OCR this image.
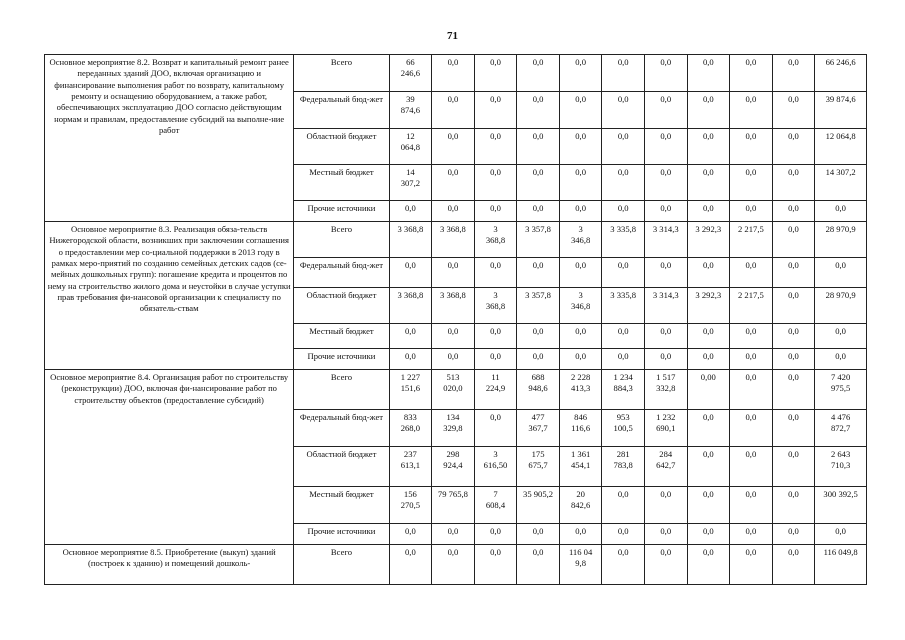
71
Основное мероприятие 8.2. Возврат и капитальный ремонт ранее переданных зданий ДОО, включая организацию и финансирование выполнения работ по возврату, капитальному ремонту и оснащению оборудованием, а также работ, обеспечивающих эксплуатацию ДОО согласно действующим нормам и правилам, предоставление субсидий на выполне-ние работ	Всего	66
246,6	0,0	0,0	0,0	0,0	0,0	0,0	0,0	0,0	0,0	66 246,6
	Федеральный бюд-жет	39
874,6	0,0	0,0	0,0	0,0	0,0	0,0	0,0	0,0	0,0	39 874,6
	Областной бюджет	12
064,8	0,0	0,0	0,0	0,0	0,0	0,0	0,0	0,0	0,0	12 064,8
	Местный бюджет	14
307,2	0,0	0,0	0,0	0,0	0,0	0,0	0,0	0,0	0,0	14 307,2
	Прочие источники	0,0	0,0	0,0	0,0	0,0	0,0	0,0	0,0	0,0	0,0	0,0
Основное мероприятие 8.3. Реализация обяза-тельств Нижегородской области, возникших при заключении соглашения о предоставлении мер со-циальной поддержки в 2013 году в рамках меро-приятий по созданию семейных детских садов (се-мейных дошкольных групп): погашение кредита и процентов по нему на строительство жилого дома и неустойки в случае уступки прав требования фи-нансовой организации к специалисту по обязатель-ствам	Всего	3 368,8	3 368,8	3
368,8	3 357,8	3
346,8	3 335,8	3 314,3	3 292,3	2 217,5	0,0	28 970,9
	Федеральный бюд-жет	0,0	0,0	0,0	0,0	0,0	0,0	0,0	0,0	0,0	0,0	0,0
	Областной бюджет	3 368,8	3 368,8	3
368,8	3 357,8	3
346,8	3 335,8	3 314,3	3 292,3	2 217,5	0,0	28 970,9
	Местный бюджет	0,0	0,0	0,0	0,0	0,0	0,0	0,0	0,0	0,0	0,0	0,0
	Прочие источники	0,0	0,0	0,0	0,0	0,0	0,0	0,0	0,0	0,0	0,0	0,0
Основное мероприятие 8.4. Организация работ по строительству (реконструкции) ДОО, включая фи-нансирование работ по строительству объектов (предоставление субсидий)	Всего	1 227
151,6	513
020,0	11
224,9	688
948,6	2 228
413,3	1 234
884,3	1 517
332,8	0,00	0,0	0,0	7 420
975,5
	Федеральный бюд-жет	833
268,0	134
329,8	0,0	477
367,7	846
116,6	953
100,5	1 232
690,1	0,0	0,0	0,0	4 476
872,7
	Областной бюджет	237
613,1	298
924,4	3
616,50	175
675,7	1 361
454,1	281
783,8	284
642,7	0,0	0,0	0,0	2 643
710,3
	Местный бюджет	156
270,5	79 765,8	7
608,4	35 905,2	20
842,6	0,0	0,0	0,0	0,0	0,0	300 392,5
	Прочие источники	0,0	0,0	0,0	0,0	0,0	0,0	0,0	0,0	0,0	0,0	0,0
Основное мероприятие 8.5. Приобретение (выкуп) зданий (построек к зданию) и помещений дошколь-	Всего	0,0	0,0	0,0	0,0	116 04
9,8	0,0	0,0	0,0	0,0	0,0	116 049,8
